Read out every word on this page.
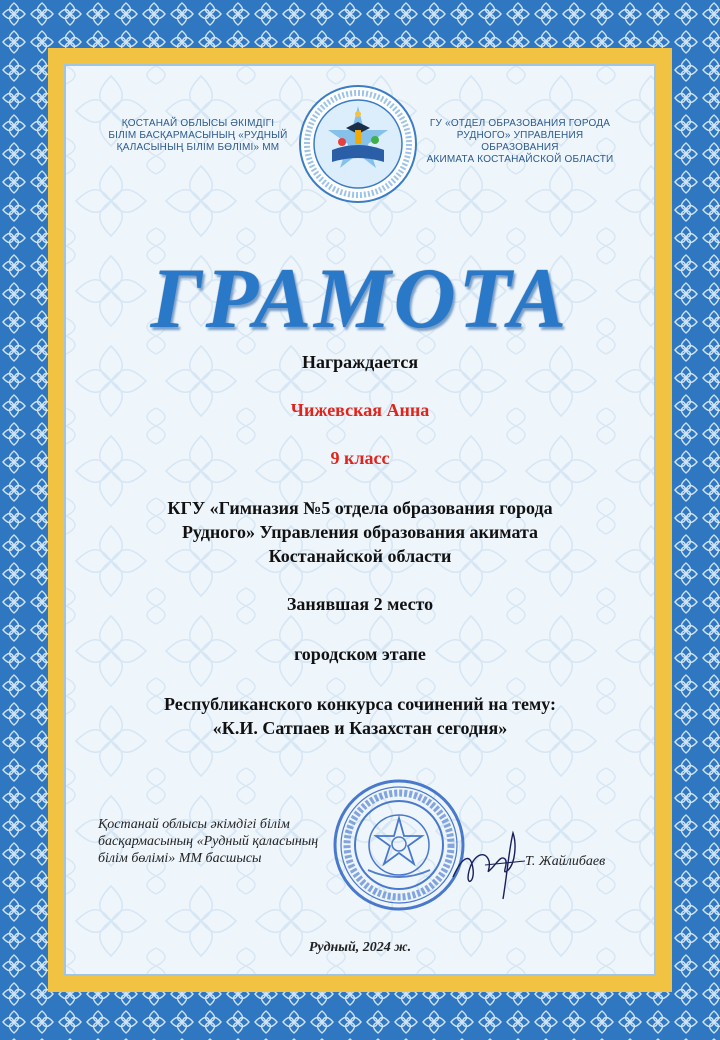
ҚОСТАНАЙ ОБЛЫСЫ ӘКІМДІГІ
БІЛІМ БАСҚАРМАСЫНЫҢ «РУДНЫЙ
ҚАЛАСЫНЫҢ БІЛІМ БӨЛІМІ» ММ
ГУ «ОТДЕЛ ОБРАЗОВАНИЯ ГОРОДА
РУДНОГО» УПРАВЛЕНИЯ ОБРАЗОВАНИЯ
АКИМАТА КОСТАНАЙСКОЙ ОБЛАСТИ
ГРАМОТА
Награждается
Чижевская Анна
9 класс
КГУ «Гимназия №5 отдела образования города
Рудного» Управления образования акимата
Костанайской области
Занявшая 2 место
городском этапе
Республиканского конкурса сочинений на тему:
«К.И. Сатпаев и Казахстан сегодня»
Қостанай облысы әкімдігі білім
басқармасының «Рудный қаласының
білім бөлімі» ММ басшысы	Т. Жайлибаев
Рудный, 2024 ж.
